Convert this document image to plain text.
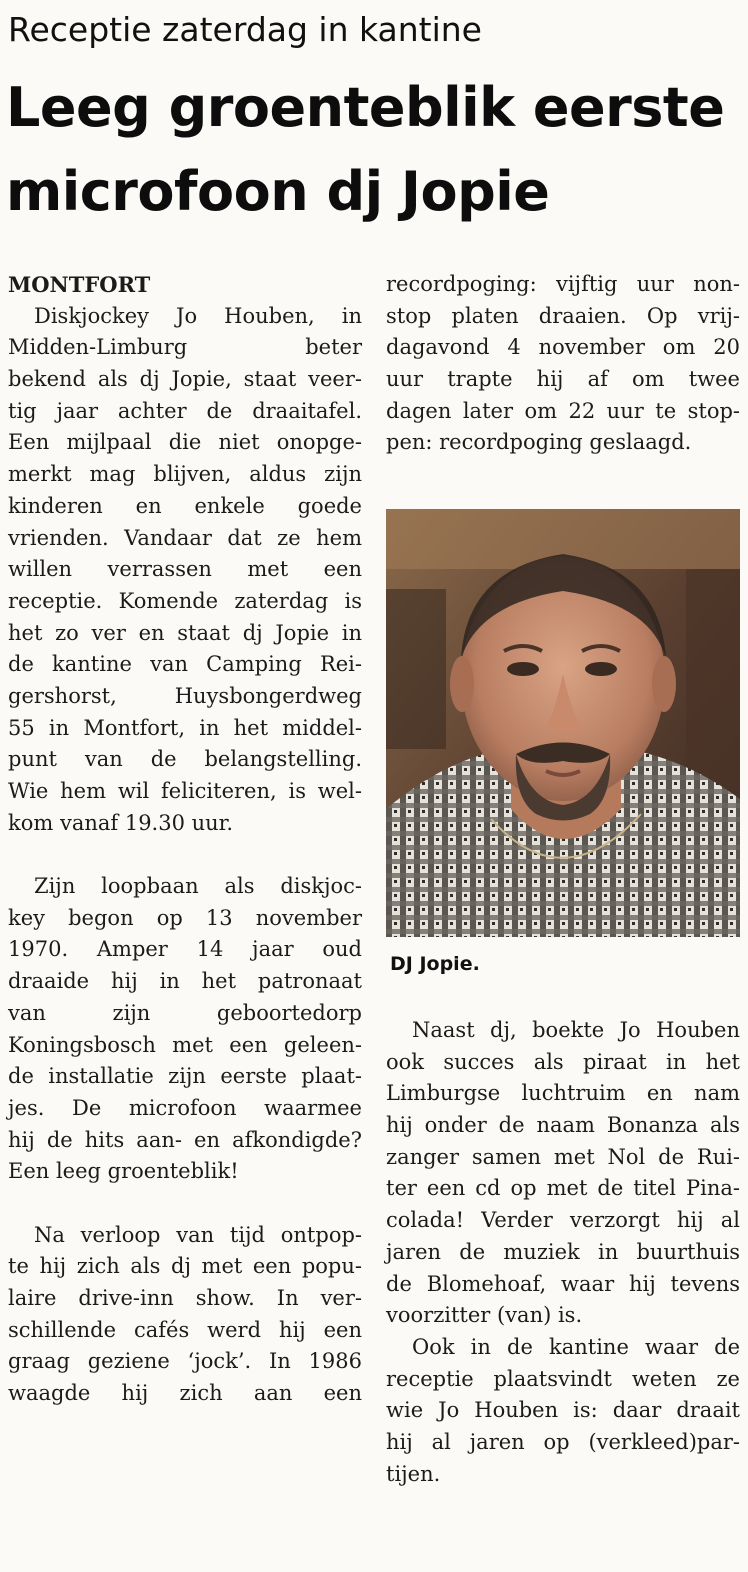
Receptie zaterdag in kantine
Leeg groenteblik eerste
microfoon dj Jopie
MONTFORT
Diskjockey Jo Houben, in
Midden-Limburg beter
bekend als dj Jopie, staat veer-
tig jaar achter de draaitafel.
Een mijlpaal die niet onopge-
merkt mag blijven, aldus zijn
kinderen en enkele goede
vrienden. Vandaar dat ze hem
willen verrassen met een
receptie. Komende zaterdag is
het zo ver en staat dj Jopie in
de kantine van Camping Rei-
gershorst, Huysbongerdweg
55 in Montfort, in het middel-
punt van de belangstelling.
Wie hem wil feliciteren, is wel-
kom vanaf 19.30 uur.
Zijn loopbaan als diskjoc-
key begon op 13 november
1970. Amper 14 jaar oud
draaide hij in het patronaat
van zijn geboortedorp
Koningsbosch met een geleen-
de installatie zijn eerste plaat-
jes. De microfoon waarmee
hij de hits aan- en afkondigde?
Een leeg groenteblik!
Na verloop van tijd ontpop-
te hij zich als dj met een popu-
laire drive-inn show. In ver-
schillende cafés werd hij een
graag geziene ‘jock’. In 1986
waagde hij zich aan een
recordpoging: vijftig uur non-
stop platen draaien. Op vrij-
dagavond 4 november om 20
uur trapte hij af om twee
dagen later om 22 uur te stop-
pen: recordpoging geslaagd.
DJ Jopie.
Naast dj, boekte Jo Houben
ook succes als piraat in het
Limburgse luchtruim en nam
hij onder de naam Bonanza als
zanger samen met Nol de Rui-
ter een cd op met de titel Pina-
colada! Verder verzorgt hij al
jaren de muziek in buurthuis
de Blomehoaf, waar hij tevens
voorzitter (van) is.
Ook in de kantine waar de
receptie plaatsvindt weten ze
wie Jo Houben is: daar draait
hij al jaren op (verkleed)par-
tijen.
